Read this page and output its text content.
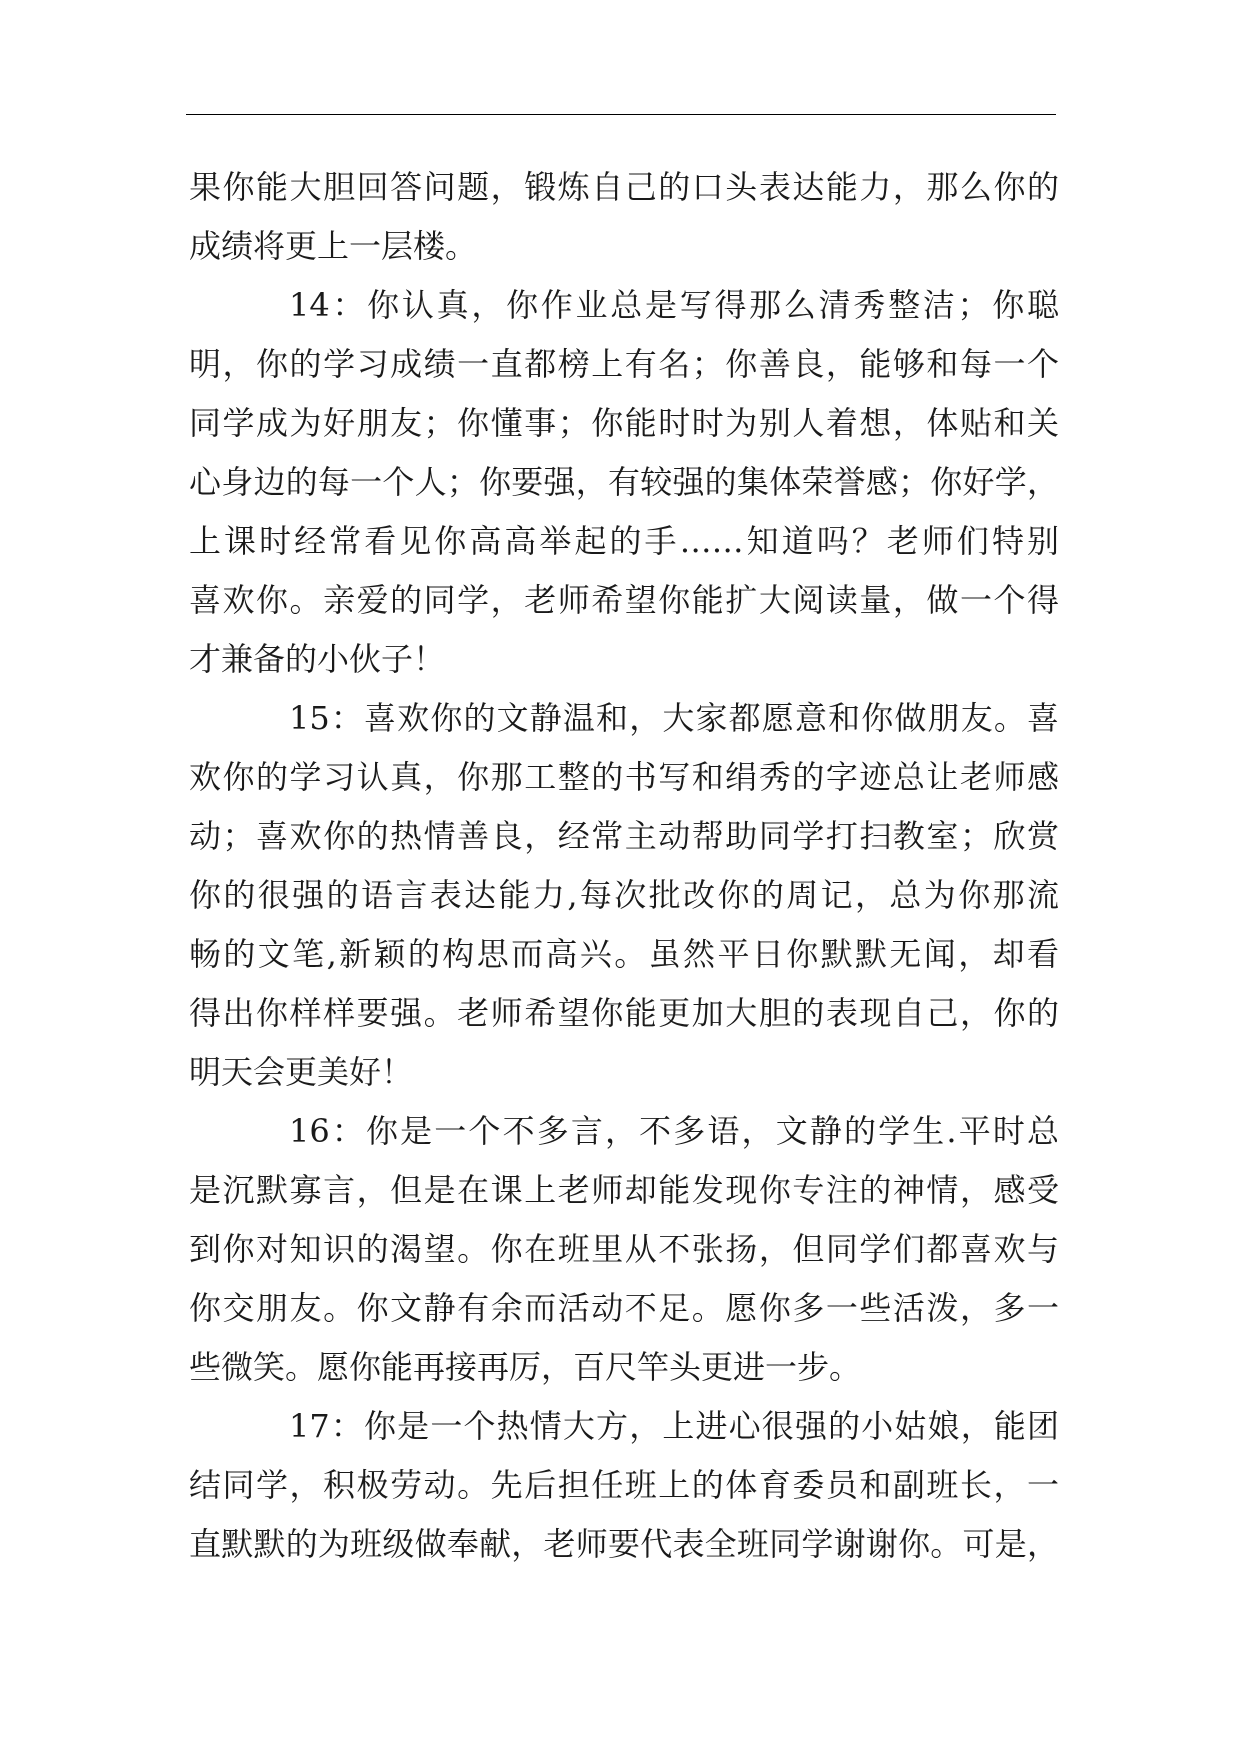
果你能大胆回答问题，锻炼自己的口头表达能力，那么你的
成绩将更上一层楼。
14：你认真，你作业总是写得那么清秀整洁；你聪
明，你的学习成绩一直都榜上有名；你善良，能够和每一个
同学成为好朋友；你懂事；你能时时为别人着想，体贴和关
心身边的每一个人；你要强，有较强的集体荣誉感；你好学，
上课时经常看见你高高举起的手……知道吗？老师们特别
喜欢你。亲爱的同学，老师希望你能扩大阅读量，做一个得
才兼备的小伙子！
15：喜欢你的文静温和，大家都愿意和你做朋友。喜
欢你的学习认真，你那工整的书写和绢秀的字迹总让老师感
动；喜欢你的热情善良，经常主动帮助同学打扫教室；欣赏
你的很强的语言表达能力,每次批改你的周记，总为你那流
畅的文笔,新颖的构思而高兴。虽然平日你默默无闻，却看
得出你样样要强。老师希望你能更加大胆的表现自己，你的
明天会更美好！
16：你是一个不多言，不多语，文静的学生.平时总
是沉默寡言，但是在课上老师却能发现你专注的神情，感受
到你对知识的渴望。你在班里从不张扬，但同学们都喜欢与
你交朋友。你文静有余而活动不足。愿你多一些活泼，多一
些微笑。愿你能再接再厉，百尺竿头更进一步。
17：你是一个热情大方，上进心很强的小姑娘，能团
结同学，积极劳动。先后担任班上的体育委员和副班长，一
直默默的为班级做奉献，老师要代表全班同学谢谢你。可是，
